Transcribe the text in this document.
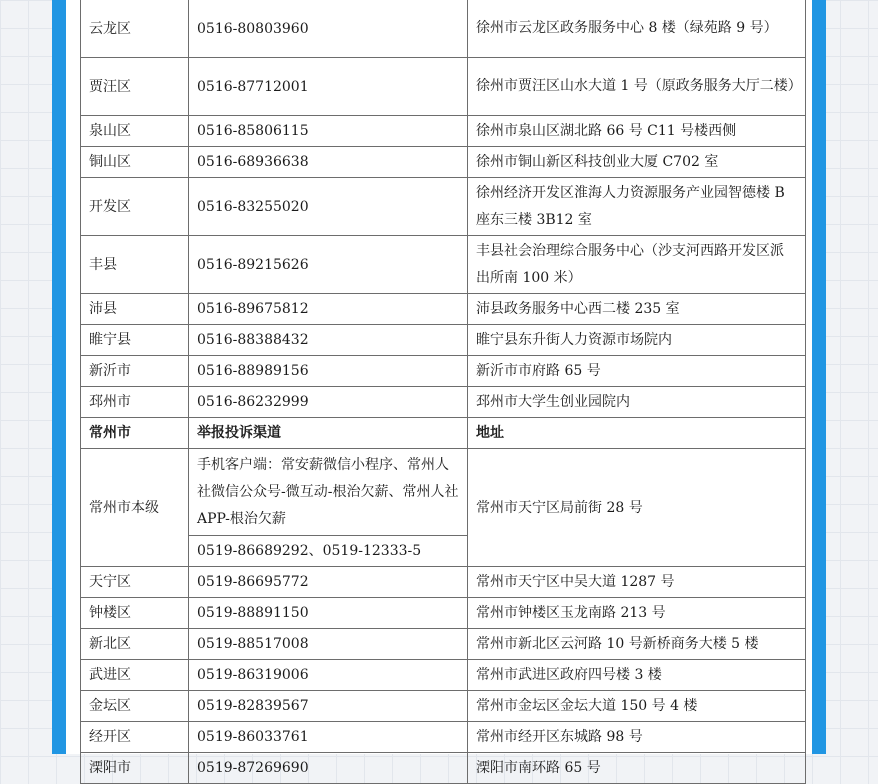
云龙区	0516-80803960	徐州市云龙区政务服务中心 8 楼（绿苑路 9 号）
贾汪区	0516-87712001	徐州市贾汪区山水大道 1 号（原政务服务大厅二楼）
泉山区	0516-85806115	徐州市泉山区湖北路 66 号 C11 号楼西侧
铜山区	0516-68936638	徐州市铜山新区科技创业大厦 C702 室
开发区	0516-83255020	徐州经济开发区淮海人力资源服务产业园智德楼 B 座东三楼 3B12 室
丰县	0516-89215626	丰县社会治理综合服务中心（沙支河西路开发区派出所南 100 米）
沛县	0516-89675812	沛县政务服务中心西二楼 235 室
睢宁县	0516-88388432	睢宁县东升街人力资源市场院内
新沂市	0516-88989156	新沂市市府路 65 号
邳州市	0516-86232999	邳州市大学生创业园院内
常州市	举报投诉渠道	地址
常州市本级	手机客户端：常安薪微信小程序、常州人社微信公众号-微互动-根治欠薪、常州人社 APP-根治欠薪	常州市天宁区局前街 28 号
	0519-86689292、0519-12333-5	
天宁区	0519-86695772	常州市天宁区中吴大道 1287 号
钟楼区	0519-88891150	常州市钟楼区玉龙南路 213 号
新北区	0519-88517008	常州市新北区云河路 10 号新桥商务大楼 5 楼
武进区	0519-86319006	常州市武进区政府四号楼 3 楼
金坛区	0519-82839567	常州市金坛区金坛大道 150 号 4 楼
经开区	0519-86033761	常州市经开区东城路 98 号
溧阳市	0519-87269690	溧阳市南环路 65 号
